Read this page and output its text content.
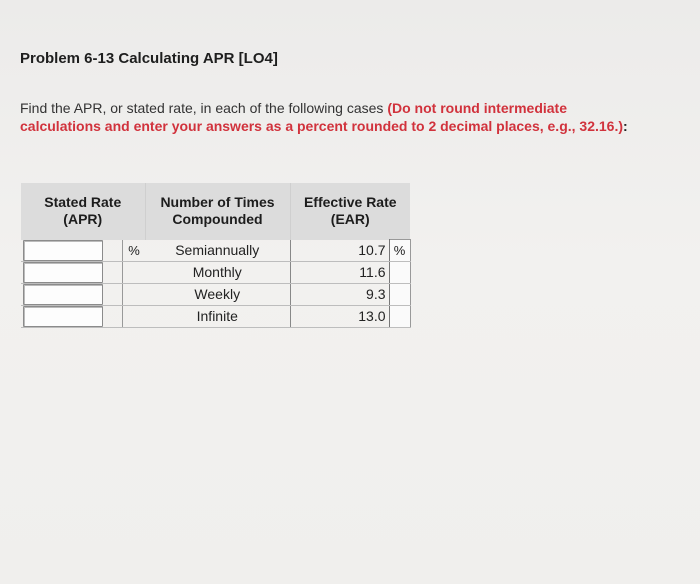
Problem 6-13 Calculating APR [LO4]
Find the APR, or stated rate, in each of the following cases (Do not round intermediate calculations and enter your answers as a percent rounded to 2 decimal places, e.g., 32.16.):
Stated Rate (APR)		Number of Times Compounded	Effective Rate (EAR)	

	%	Semiannually	10.7	%

		Monthly	11.6	

		Weekly	9.3	

		Infinite	13.0	
